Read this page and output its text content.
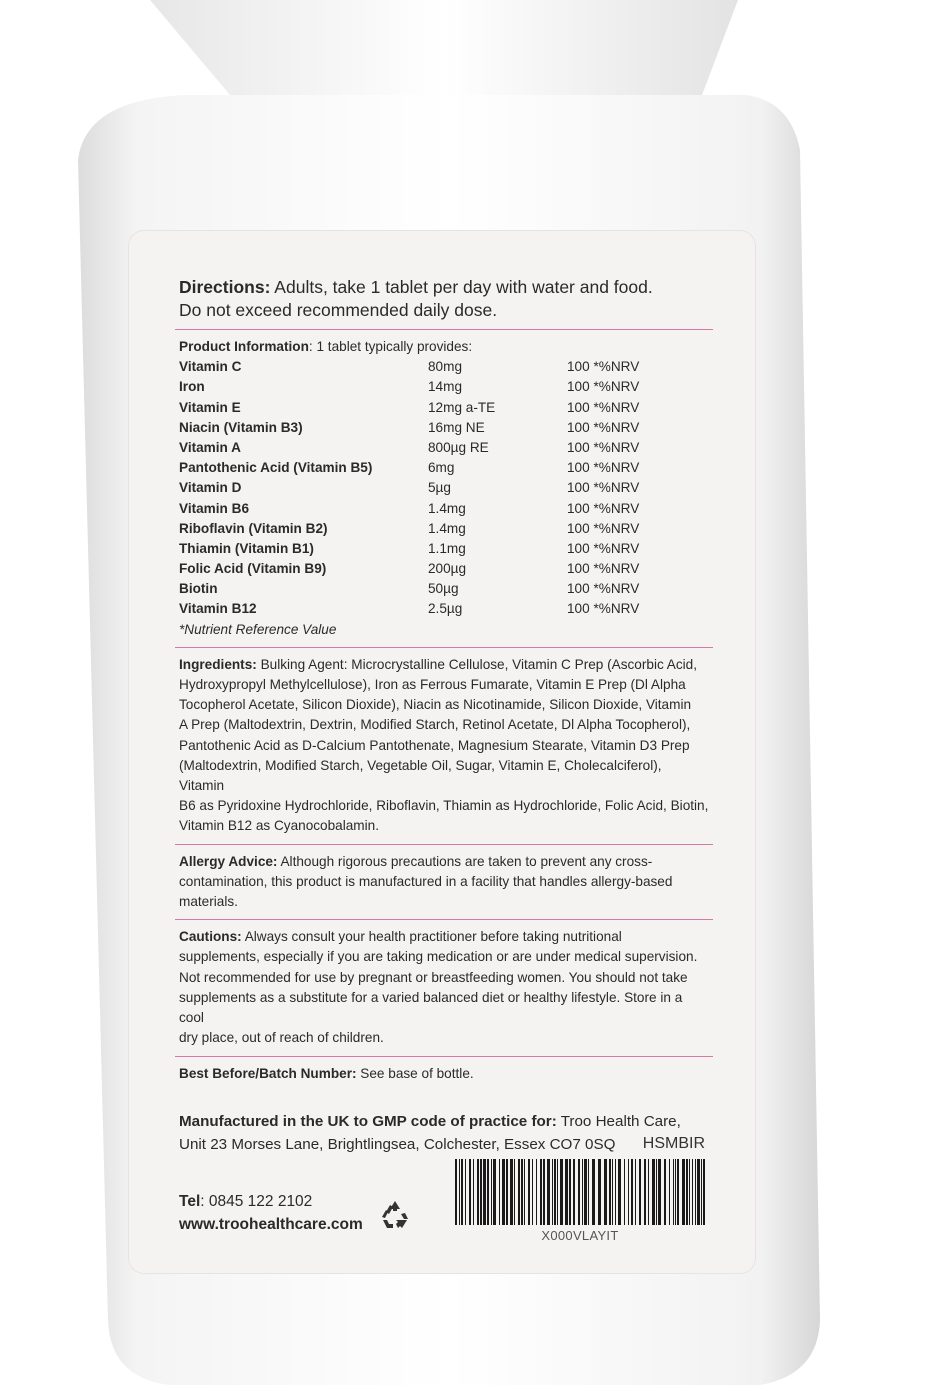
Directions: Adults, take 1 tablet per day with water and food.

Do not exceed recommended daily dose.

Product Information: 1 tablet typically provides:

Vitamin C	80mg	100 *%NRV
Iron	14mg	100 *%NRV
Vitamin E	12mg a-TE	100 *%NRV
Niacin (Vitamin B3)	16mg NE	100 *%NRV
Vitamin A	800µg RE	100 *%NRV
Pantothenic Acid (Vitamin B5)	6mg	100 *%NRV
Vitamin D	5µg	100 *%NRV
Vitamin B6	1.4mg	100 *%NRV
Riboflavin (Vitamin B2)	1.4mg	100 *%NRV
Thiamin (Vitamin B1)	1.1mg	100 *%NRV
Folic Acid (Vitamin B9)	200µg	100 *%NRV
Biotin	50µg	100 *%NRV
Vitamin B12	2.5µg	100 *%NRV

*Nutrient Reference Value

Ingredients: Bulking Agent: Microcrystalline Cellulose, Vitamin C Prep (Ascorbic Acid,

Hydroxypropyl Methylcellulose), Iron as Ferrous Fumarate, Vitamin E Prep (Dl Alpha

Tocopherol Acetate, Silicon Dioxide), Niacin as Nicotinamide, Silicon Dioxide, Vitamin

A Prep (Maltodextrin, Dextrin, Modified Starch, Retinol Acetate, Dl Alpha Tocopherol),

Pantothenic Acid as D-Calcium Pantothenate, Magnesium Stearate, Vitamin D3 Prep

(Maltodextrin, Modified Starch, Vegetable Oil, Sugar, Vitamin E, Cholecalciferol), Vitamin

B6 as Pyridoxine Hydrochloride, Riboflavin, Thiamin as Hydrochloride, Folic Acid, Biotin,

Vitamin B12 as Cyanocobalamin.

Allergy Advice: Although rigorous precautions are taken to prevent any cross-

contamination, this product is manufactured in a facility that handles allergy-based

materials.

Cautions: Always consult your health practitioner before taking nutritional

supplements, especially if you are taking medication or are under medical supervision.

Not recommended for use by pregnant or breastfeeding women. You should not take

supplements as a substitute for a varied balanced diet or healthy lifestyle. Store in a cool

dry place, out of reach of children.

Best Before/Batch Number: See base of bottle.

Manufactured in the UK to GMP code of practice for: Troo Health Care,

Unit 23 Morses Lane, Brightlingsea, Colchester, Essex CO7 0SQ	HSMBIR
X000VLAYIT
Tel: 0845 122 2102
www.troohealthcare.com
